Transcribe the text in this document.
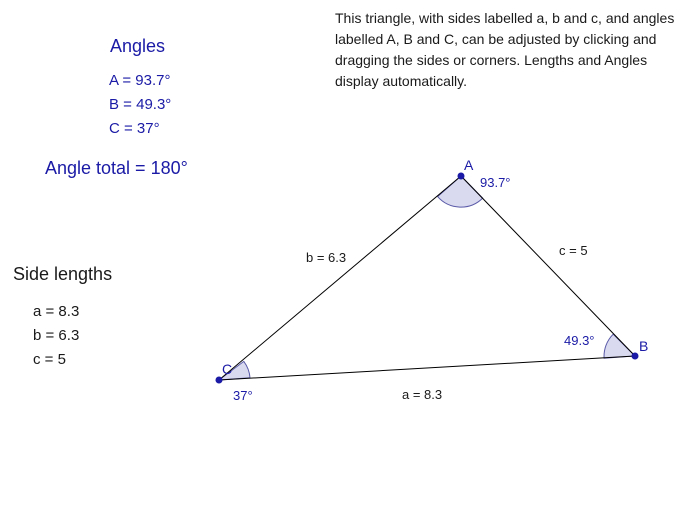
Angles
A = 93.7°
B = 49.3°
C = 37°
Angle total = 180°
Side lengths
a = 8.3
b = 6.3
c = 5
This triangle, with sides labelled a, b and c, and angles labelled A, B and C, can be adjusted by clicking and dragging the sides or corners. Lengths and Angles display automatically.
A
B
C
93.7°
49.3°
37°
b = 6.3	c = 5
a = 8.3
